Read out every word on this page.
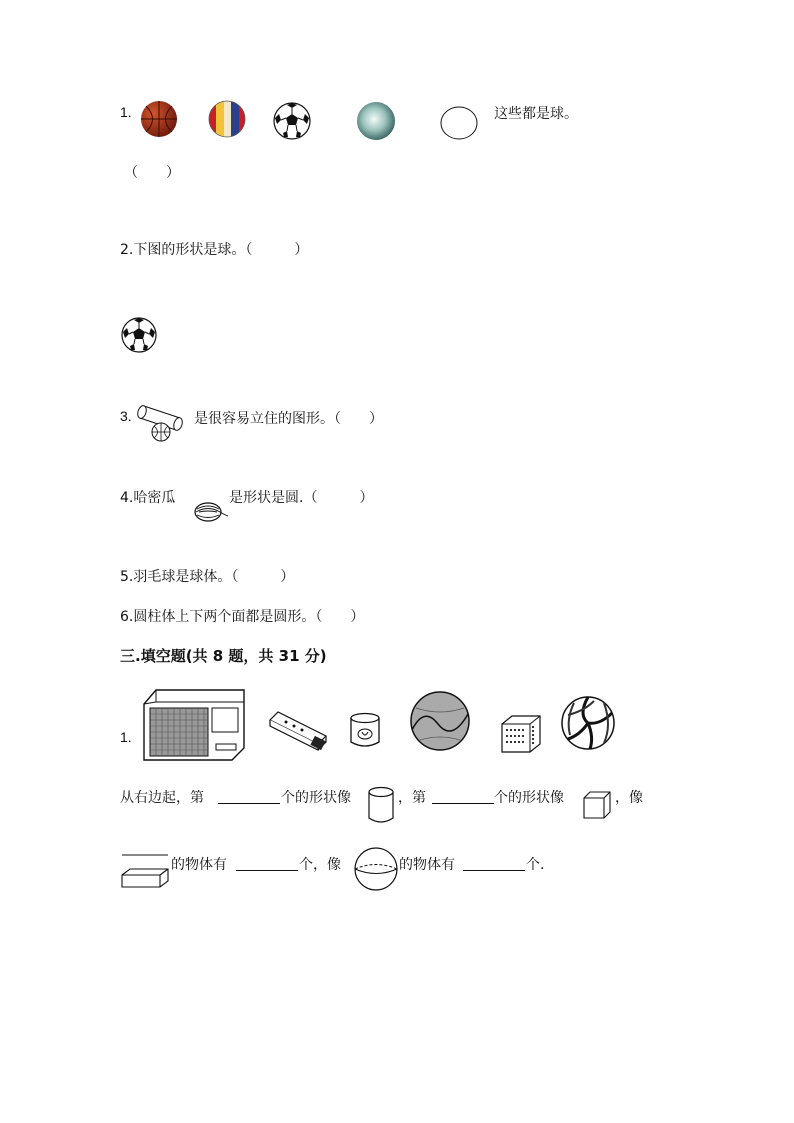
1.	这些都是球。
（　　）
2.下图的形状是球。（　　　）
3.	是很容易立住的图形。（　　）
4.哈密瓜	是形状是圆.（　　　）
5.羽毛球是球体。（　　　）
6.圆柱体上下两个面都是圆形。（　　）
三.填空题(共 8 题，共 31 分)
1.
从右边起，第	个的形状像	，第	个的形状像	，像
的物体有	个，像	的物体有	个.
